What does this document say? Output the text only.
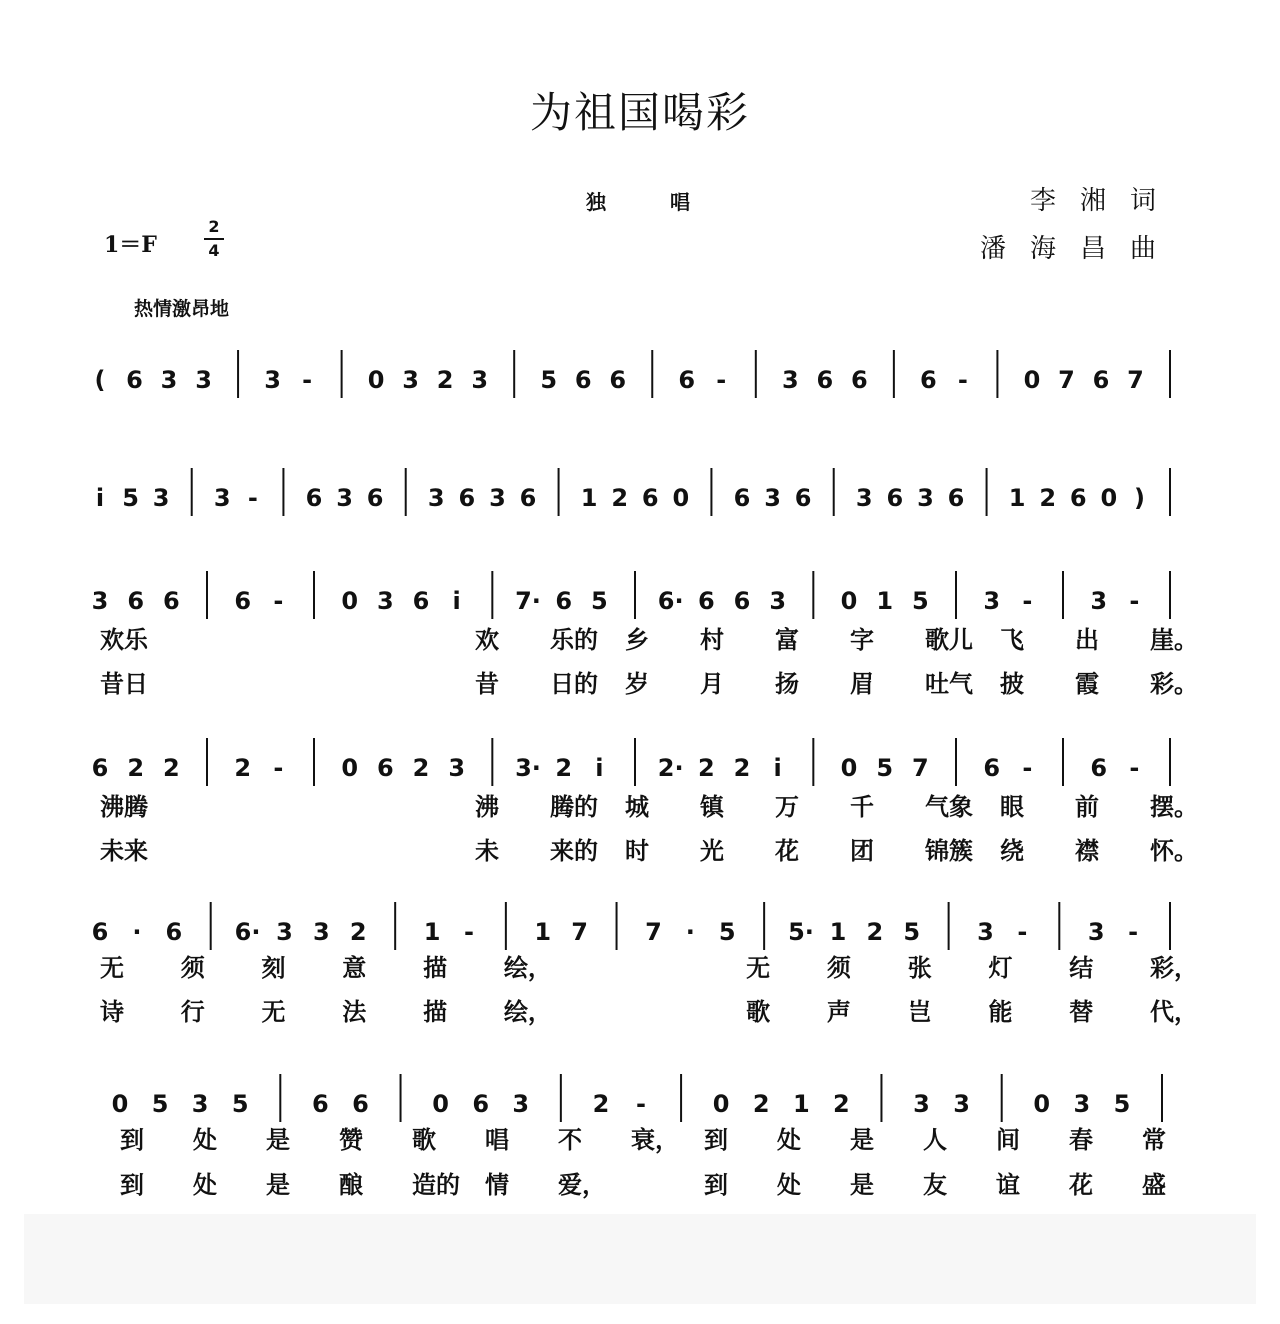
为祖国喝彩
独唱	李湘词
潘海昌曲
1＝F
2
4
热情激昂地
( 6 3 3 3 - 0 3 2 3 5 6 6 6 - 3 6 6 6 - 0 7 6 7
i 5 3 3 - 6 3 6 3 6 3 6 1 2 6 0 6 3 6 3 6 3 6 1 2 6 0 )
3 6 6 6 - 0 3 6 i 7· 6 5 6· 6 6 3 0 1 5 3 - 3 -
欢乐	欢 乐的 乡 村 富 字 歌儿 飞 出 崖。
昔日	昔 日的 岁 月 扬 眉 吐气 披 霞 彩。
6 2 2 2 - 0 6 2 3 3· 2 i 2· 2 2 i 0 5 7 6 - 6 -
沸腾	沸 腾的 城 镇 万 千 气象 眼 前 摆。
未来	未 来的 时 光 花 团 锦簇 绕 襟 怀。
6 · 6 6· 3 3 2 1 -	1 7 7 · 5 5· 1 2 5 3 -	3 -
无 须 刻 意 描 绘，	无 须 张 灯 结 彩，
诗 行 无 法 描 绘，	歌 声 岂 能 替 代，
0 5 3 5	6 6	0 6 3	2 -	0 2 1 2	3 3	0 3 5
到 处 是 赞 歌 唱 不 衰， 到 处 是 人 间 春 常
到 处 是 酿 造的 情 爱，	到 处 是 友 谊 花 盛
